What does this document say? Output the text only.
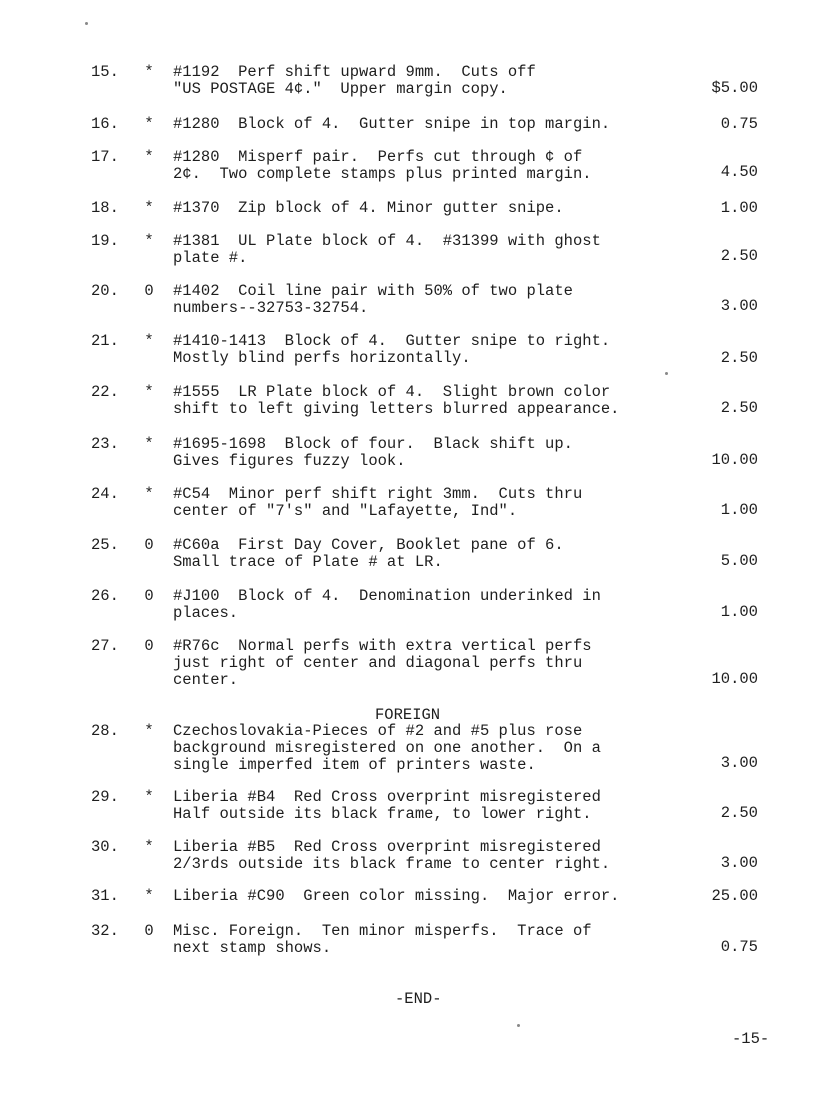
15.	* #1192  Perf shift upward 9mm.  Cuts off
"US POSTAGE 4¢."  Upper margin copy.	$5.00
16.	* #1280  Block of 4.  Gutter snipe in top margin.	0.75
17.	* #1280  Misperf pair.  Perfs cut through ¢ of
2¢.  Two complete stamps plus printed margin.	4.50
18.	* #1370  Zip block of 4. Minor gutter snipe.	1.00
19.	* #1381  UL Plate block of 4.  #31399 with ghost
plate #.	2.50
20.	0 #1402  Coil line pair with 50% of two plate
numbers--32753-32754.	3.00
21.	* #1410-1413  Block of 4.  Gutter snipe to right.
Mostly blind perfs horizontally.	2.50
22.	* #1555  LR Plate block of 4.  Slight brown color
shift to left giving letters blurred appearance.	2.50
23.	* #1695-1698  Block of four.  Black shift up.
Gives figures fuzzy look.	10.00
24.	* #C54  Minor perf shift right 3mm.  Cuts thru
center of "7's" and "Lafayette, Ind".	1.00
25.	0 #C60a  First Day Cover, Booklet pane of 6.
Small trace of Plate # at LR.	5.00
26.	0 #J100  Block of 4.  Denomination underinked in
places.	1.00
27.	0 #R76c  Normal perfs with extra vertical perfs
just right of center and diagonal perfs thru
center.	10.00
28.	* Czechoslovakia-Pieces of #2 and #5 plus rose
background misregistered on one another.  On a
single imperfed item of printers waste.	3.00
29.	* Liberia #B4  Red Cross overprint misregistered
Half outside its black frame, to lower right.	2.50
30.	* Liberia #B5  Red Cross overprint misregistered
2/3rds outside its black frame to center right.	3.00
31.	* Liberia #C90  Green color missing.  Major error.	25.00
32.	0 Misc. Foreign.  Ten minor misperfs.  Trace of
next stamp shows.	0.75
FOREIGN
-END-
-15-
